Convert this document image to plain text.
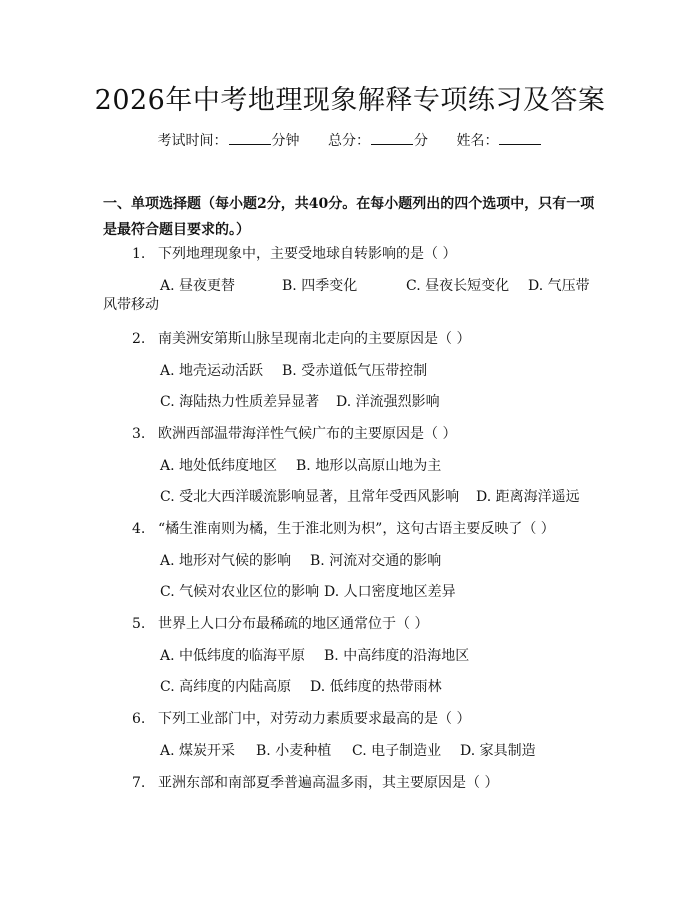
2026年中考地理现象解释专项练习及答案
考试时间：	分钟 总分：	分 姓名：
一、单项选择题（每小题2分，共40分。在每小题列出的四个选项中，只有一项是最符合题目要求的。）
1. 下列地理现象中，主要受地球自转影响的是（ ）
A. 昼夜更替	B. 四季变化	C. 昼夜长短变化 D. 气压带
风带移动
2. 南美洲安第斯山脉呈现南北走向的主要原因是（ ）
A. 地壳运动活跃 B. 受赤道低气压带控制
C. 海陆热力性质差异显著 D. 洋流强烈影响
3. 欧洲西部温带海洋性气候广布的主要原因是（ ）
A. 地处低纬度地区 B. 地形以高原山地为主
C. 受北大西洋暖流影响显著，且常年受西风影响 D. 距离海洋遥远
4. “橘生淮南则为橘，生于淮北则为枳”，这句古语主要反映了（ ）
A. 地形对气候的影响 B. 河流对交通的影响
C. 气候对农业区位的影响 D. 人口密度地区差异
5. 世界上人口分布最稀疏的地区通常位于（ ）
A. 中低纬度的临海平原 B. 中高纬度的沿海地区
C. 高纬度的内陆高原 D. 低纬度的热带雨林
6. 下列工业部门中，对劳动力素质要求最高的是（ ）
A. 煤炭开采 B. 小麦种植 C. 电子制造业 D. 家具制造
7. 亚洲东部和南部夏季普遍高温多雨，其主要原因是（ ）
